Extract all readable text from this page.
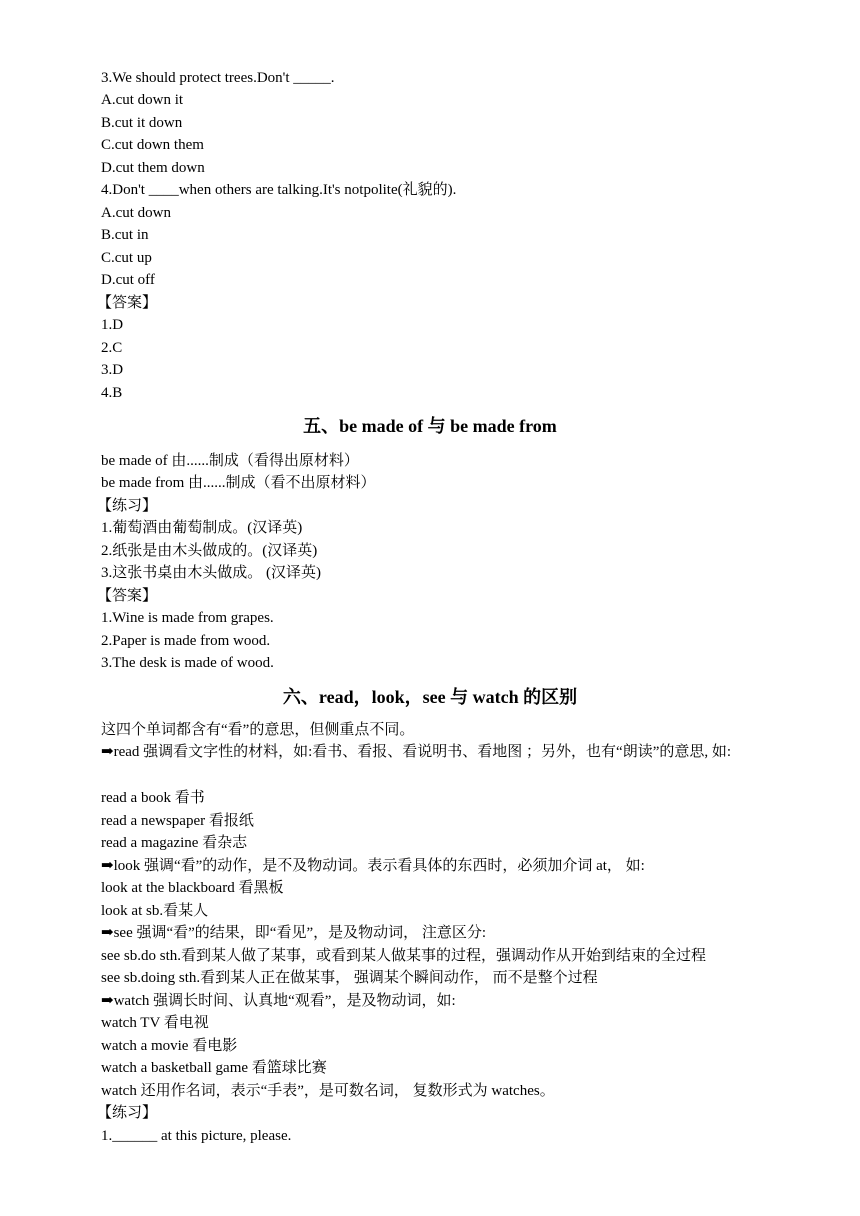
3.We should protect trees.Don't _____.
A.cut down it
B.cut it down
C.cut down them
D.cut them down
4.Don't ____when others are talking.It's notpolite(礼貌的).
A.cut down
B.cut in
C.cut up
D.cut off
【答案】
1.D
2.C
3.D
4.B
五、be made of 与 be made from
be made of 由......制成（看得出原材料）
be made from 由......制成（看不出原材料）
【练习】
1.葡萄酒由葡萄制成。(汉译英)
2.纸张是由木头做成的。(汉译英)
3.这张书桌由木头做成。 (汉译英)
【答案】
1.Wine is made from grapes.
2.Paper is made from wood.
3.The desk is made of wood.
六、read，look，see 与 watch 的区别
这四个单词都含有“看”的意思，但侧重点不同。
➡read 强调看文字性的材料，如:看书、看报、看说明书、看地图 ；另外，也有“朗读”的意思, 如:
read a book 看书
read a newspaper 看报纸
read a magazine 看杂志
➡look 强调“看”的动作，是不及物动词。表示看具体的东西时，必须加介词 at， 如:
look at the blackboard 看黑板
look at sb.看某人
➡see 强调“看”的结果，即“看见”，是及物动词， 注意区分:
see sb.do sth.看到某人做了某事，或看到某人做某事的过程，强调动作从开始到结束的全过程
see sb.doing sth.看到某人正在做某事， 强调某个瞬间动作， 而不是整个过程
➡watch 强调长时间、认真地“观看”，是及物动词，如:
watch TV 看电视
watch a movie 看电影
watch a basketball game 看篮球比赛
watch 还用作名词，表示“手表”，是可数名词， 复数形式为 watches。
【练习】
1.______ at this picture, please.
